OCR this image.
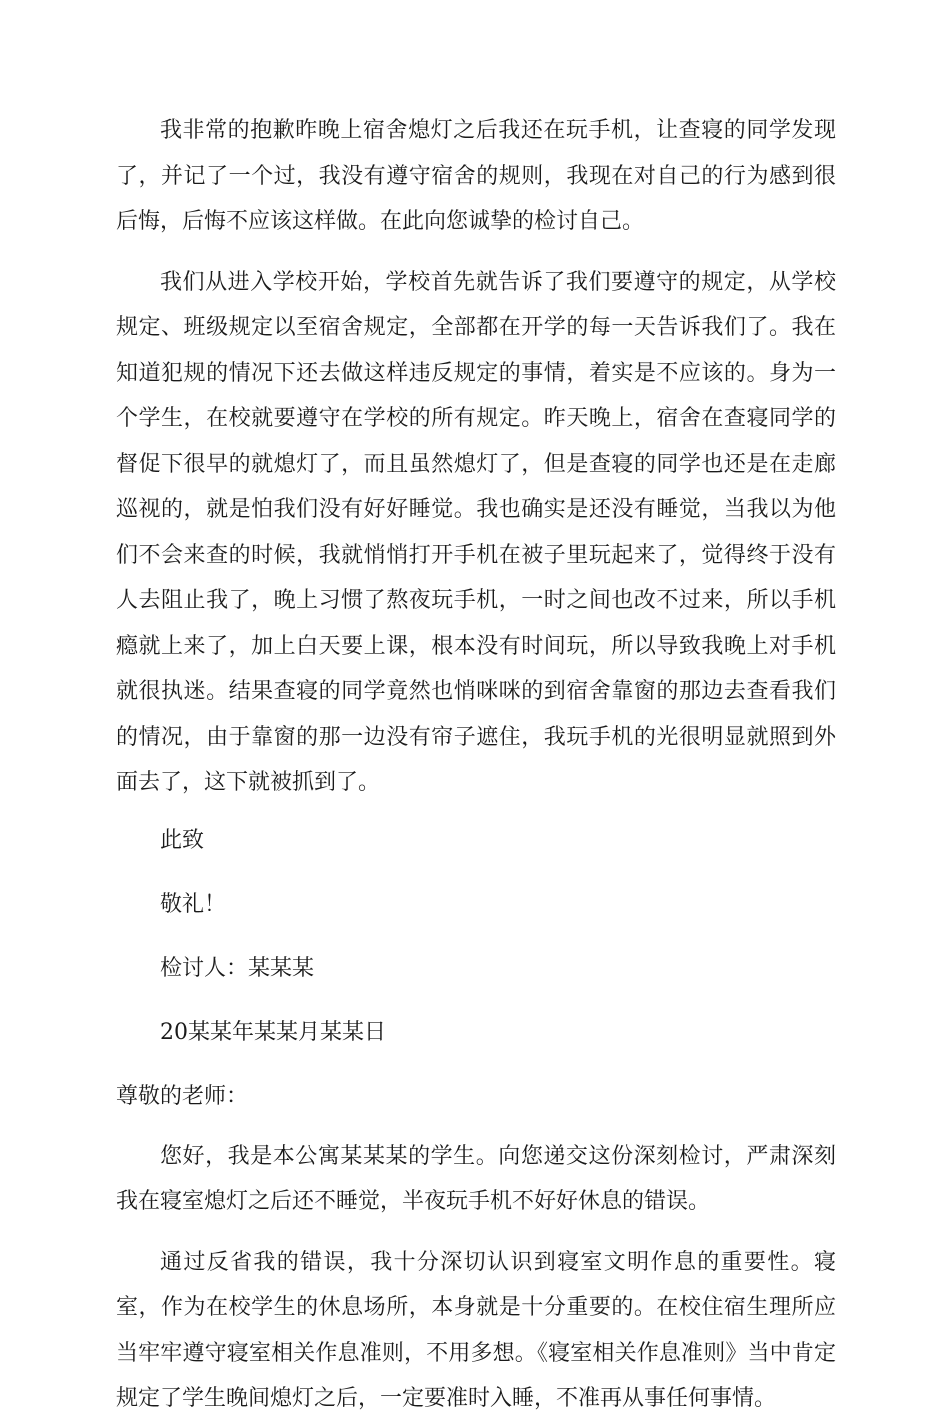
我非常的抱歉昨晚上宿舍熄灯之后我还在玩手机，让查寝的同学发现了，并记了一个过，我没有遵守宿舍的规则，我现在对自己的行为感到很后悔，后悔不应该这样做。在此向您诚挚的检讨自己。

我们从进入学校开始，学校首先就告诉了我们要遵守的规定，从学校规定、班级规定以至宿舍规定，全部都在开学的每一天告诉我们了。我在知道犯规的情况下还去做这样违反规定的事情，着实是不应该的。身为一个学生，在校就要遵守在学校的所有规定。昨天晚上，宿舍在查寝同学的督促下很早的就熄灯了，而且虽然熄灯了，但是查寝的同学也还是在走廊巡视的，就是怕我们没有好好睡觉。我也确实是还没有睡觉，当我以为他们不会来查的时候，我就悄悄打开手机在被子里玩起来了，觉得终于没有人去阻止我了，晚上习惯了熬夜玩手机，一时之间也改不过来，所以手机瘾就上来了，加上白天要上课，根本没有时间玩，所以导致我晚上对手机就很执迷。结果查寝的同学竟然也悄咪咪的到宿舍靠窗的那边去查看我们的情况，由于靠窗的那一边没有帘子遮住，我玩手机的光很明显就照到外面去了，这下就被抓到了。

此致

敬礼！

检讨人：某某某

20某某年某某月某某日

尊敬的老师：

您好，我是本公寓某某某的学生。向您递交这份深刻检讨，严肃深刻我在寝室熄灯之后还不睡觉，半夜玩手机不好好休息的错误。

通过反省我的错误，我十分深切认识到寝室文明作息的重要性。寝室，作为在校学生的休息场所，本身就是十分重要的。在校住宿生理所应当牢牢遵守寝室相关作息准则，不用多想。《寝室相关作息准则》当中肯定规定了学生晚间熄灯之后，一定要准时入睡，不准再从事任何事情。
